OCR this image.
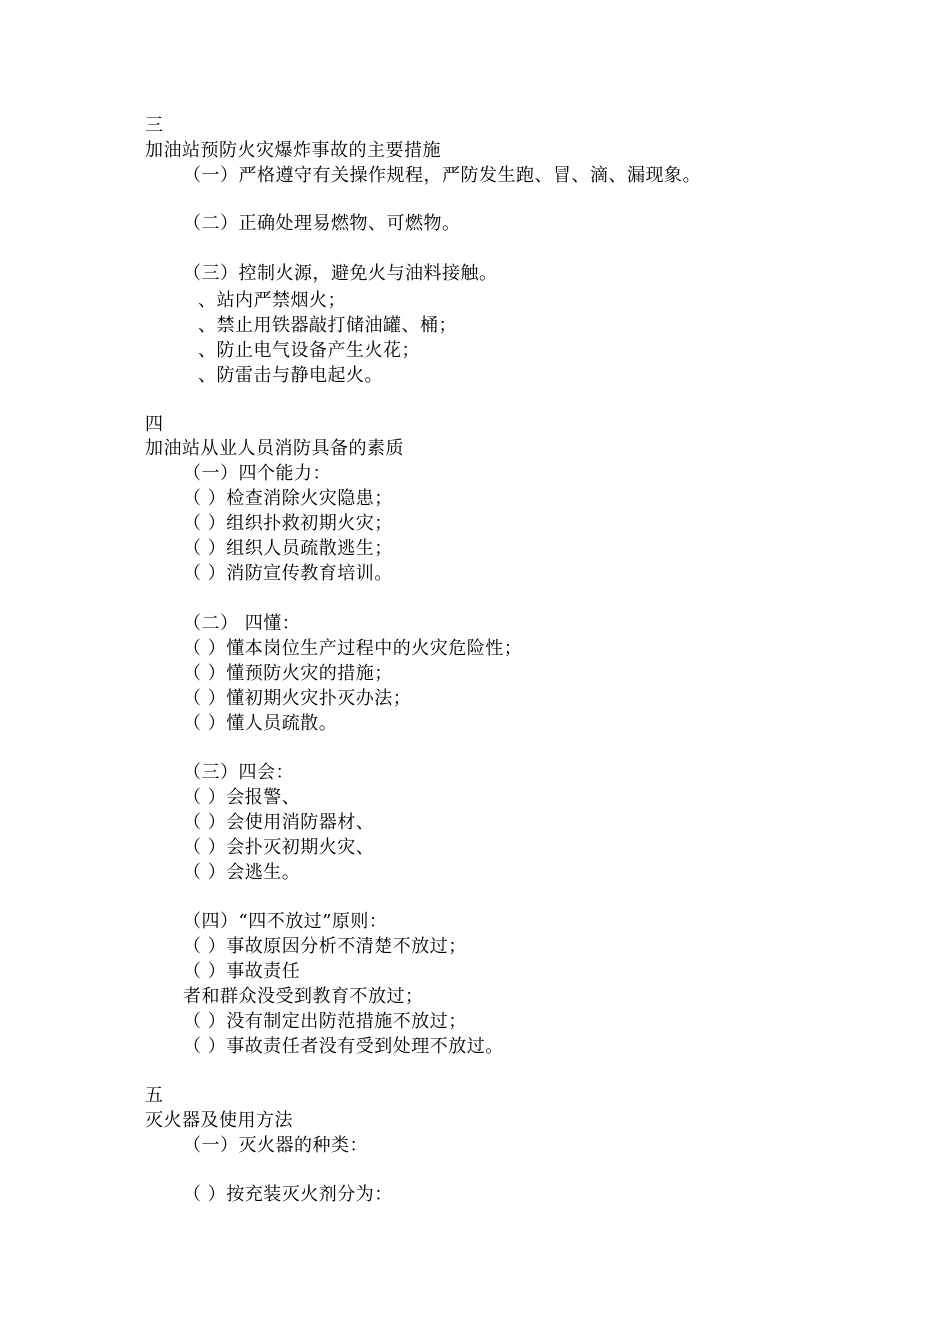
三
加油站预防火灾爆炸事故的主要措施
（一）严格遵守有关操作规程，严防发生跑、冒、滴、漏现象。
（二）正确处理易燃物、可燃物。
（三）控制火源，避免火与油料接触。
、站内严禁烟火；
、禁止用铁器敲打储油罐、桶；
、防止电气设备产生火花；
、防雷击与静电起火。
四
加油站从业人员消防具备的素质
（一）四个能力：
（ ）检查消除火灾隐患；
（ ）组织扑救初期火灾；
（ ）组织人员疏散逃生；
（ ）消防宣传教育培训。
（二） 四懂：
（ ）懂本岗位生产过程中的火灾危险性；
（ ）懂预防火灾的措施；
（ ）懂初期火灾扑灭办法；
（ ）懂人员疏散。
（三）四会：
（ ）会报警、
（ ）会使用消防器材、
（ ）会扑灭初期火灾、
（ ）会逃生。
（四）“四不放过”原则：
（ ）事故原因分析不清楚不放过；
（ ）事故责任
者和群众没受到教育不放过；
（ ）没有制定出防范措施不放过；
（ ）事故责任者没有受到处理不放过。
五
灭火器及使用方法
（一）灭火器的种类：
（ ）按充装灭火剂分为：
